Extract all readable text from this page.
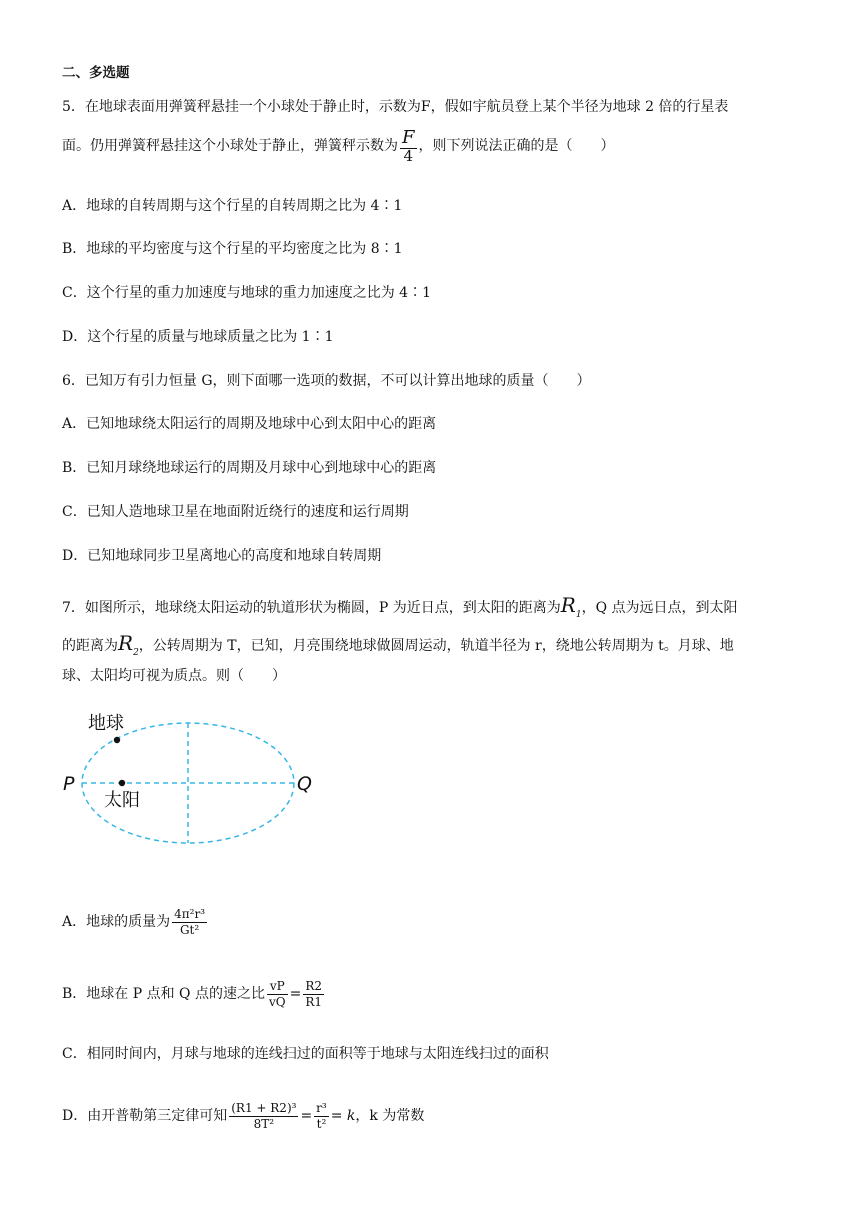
二、多选题
5．在地球表面用弹簧秤悬挂一个小球处于静止时，示数为F，假如宇航员登上某个半径为地球 2 倍的行星表
面。仍用弹簧秤悬挂这个小球处于静止，弹簧秤示数为 $\frac{F}{4}$ ，则下列说法正确的是（　　）
A．地球的自转周期与这个行星的自转周期之比为 4∶1
B．地球的平均密度与这个行星的平均密度之比为 8∶1
C．这个行星的重力加速度与地球的重力加速度之比为 4∶1
D．这个行星的质量与地球质量之比为 1∶1
6．已知万有引力恒量 G，则下面哪一选项的数据，不可以计算出地球的质量（　　）
A．已知地球绕太阳运行的周期及地球中心到太阳中心的距离
B．已知月球绕地球运行的周期及月球中心到地球中心的距离
C．已知人造地球卫星在地面附近绕行的速度和运行周期
D．已知地球同步卫星离地心的高度和地球自转周期
7．如图所示，地球绕太阳运动的轨道形状为椭圆，P 为近日点，到太阳的距离为$R_1$，Q 点为远日点，到太阳
的距离为$R_2$，公转周期为 T，已知，月亮围绕地球做圆周运动，轨道半径为 r，绕地公转周期为 t。月球、地
球、太阳均可视为质点。则（　　）
地球
太阳
P	Q
A．地球的质量为 $\frac{\text{4π²r³}}{\text{Gt²}}$
B．地球在 P 点和 Q 点的速之比 $\frac{vP}{vQ} = \frac{R2}{R1}$
C．相同时间内，月球与地球的连线扫过的面积等于地球与太阳连线扫过的面积
D．由开普勒第三定律可知 $\frac{\text{(R1 + R2)³}}{\text{8T²}} = \frac{\text{r³}}{\text{t²}} = k$，k 为常数
